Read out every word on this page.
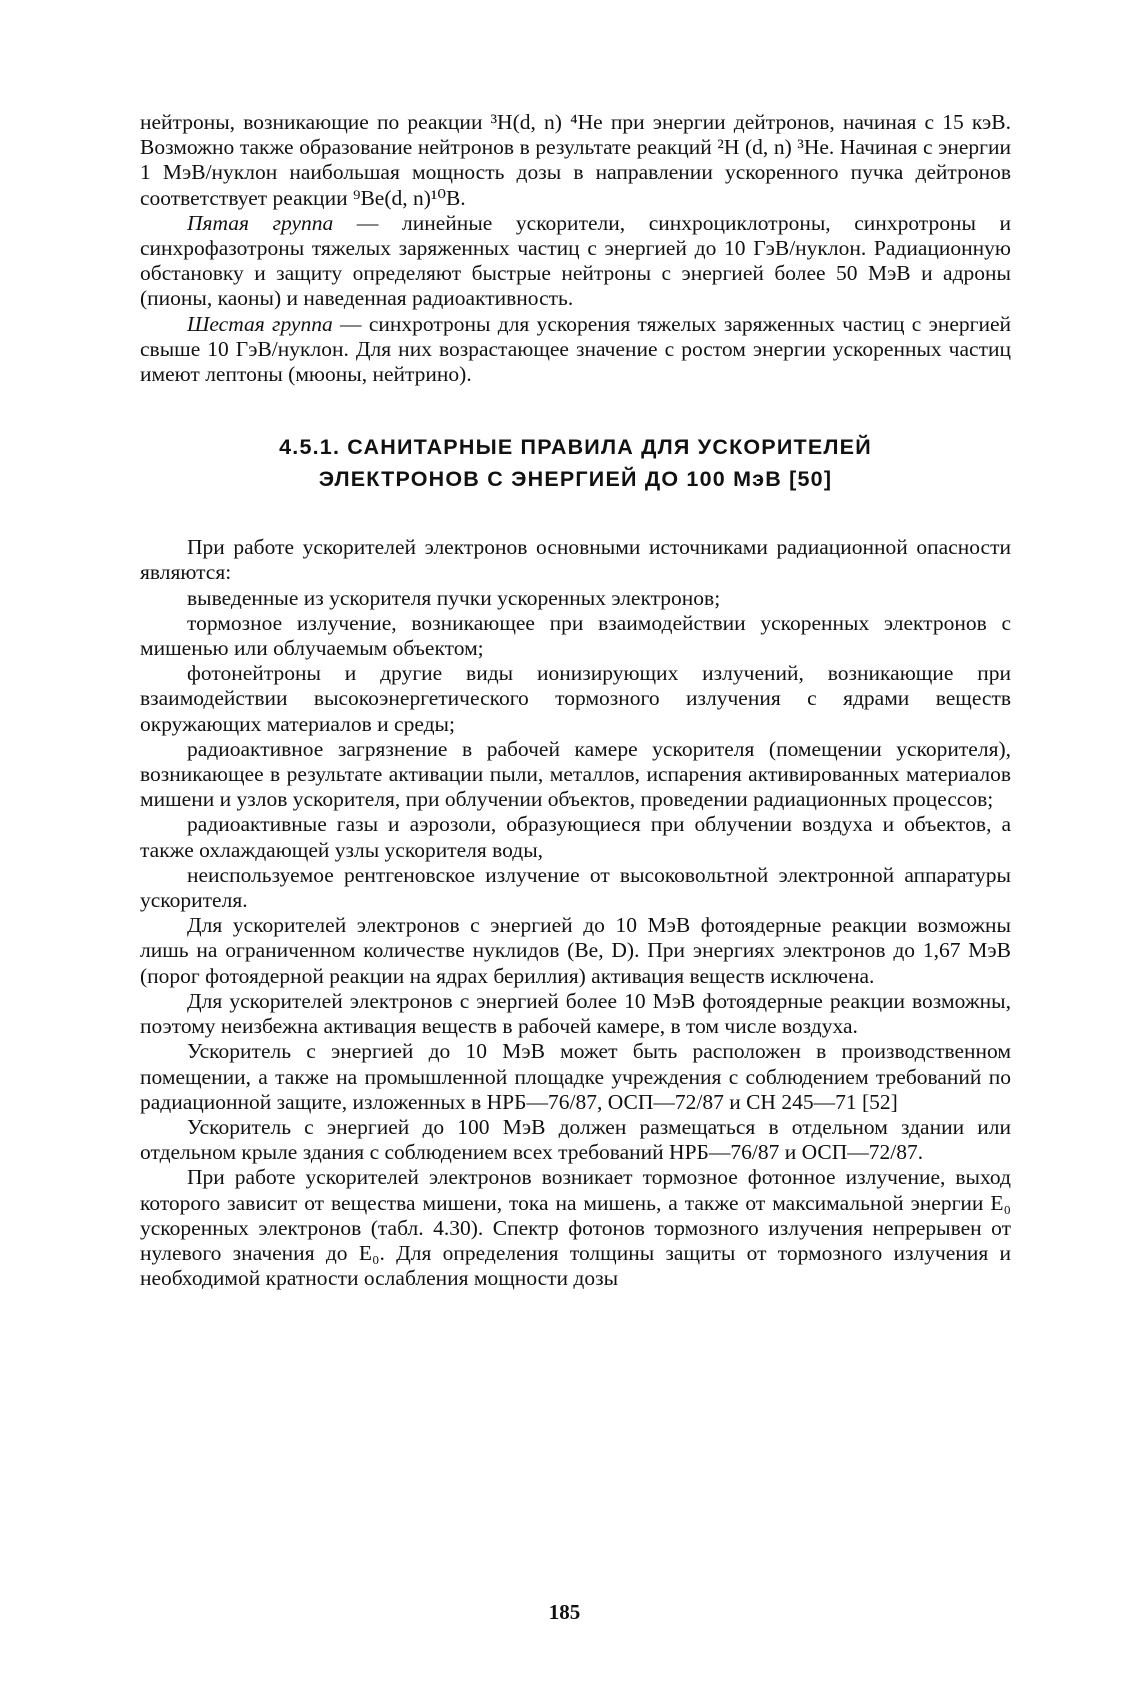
нейтроны, возникающие по реакции ³H(d, n) ⁴He при энергии дейтронов, начиная с 15 кэВ. Возможно также образование нейтронов в результате реакций ²H (d, n) ³He. Начиная с энергии 1 МэВ/нуклон наибольшая мощность дозы в направлении ускоренного пучка дейтронов соответствует реакции ⁹Be(d, n)¹⁰B.

Пятая группа — линейные ускорители, синхроциклотроны, синхротроны и синхрофазотроны тяжелых заряженных частиц с энергией до 10 ГэВ/нуклон. Радиационную обстановку и защиту определяют быстрые нейтроны с энергией более 50 МэВ и адроны (пионы, каоны) и наведенная радиоактивность.

Шестая группа — синхротроны для ускорения тяжелых заряженных частиц с энергией свыше 10 ГэВ/нуклон. Для них возрастающее значение с ростом энергии ускоренных частиц имеют лептоны (мюоны, нейтрино).

4.5.1. САНИТАРНЫЕ ПРАВИЛА ДЛЯ УСКОРИТЕЛЕЙ
ЭЛЕКТРОНОВ С ЭНЕРГИЕЙ ДО 100 МэВ [50]

При работе ускорителей электронов основными источниками радиационной опасности являются:

выведенные из ускорителя пучки ускоренных электронов;

тормозное излучение, возникающее при взаимодействии ускоренных электронов с мишенью или облучаемым объектом;

фотонейтроны и другие виды ионизирующих излучений, возникающие при взаимодействии высокоэнергетического тормозного излучения с ядрами веществ окружающих материалов и среды;

радиоактивное загрязнение в рабочей камере ускорителя (помещении ускорителя), возникающее в результате активации пыли, металлов, испарения активированных материалов мишени и узлов ускорителя, при облучении объектов, проведении радиационных процессов;

радиоактивные газы и аэрозоли, образующиеся при облучении воздуха и объектов, а также охлаждающей узлы ускорителя воды,

неиспользуемое рентгеновское излучение от высоковольтной электронной аппаратуры ускорителя.

Для ускорителей электронов с энергией до 10 МэВ фотоядерные реакции возможны лишь на ограниченном количестве нуклидов (Be, D). При энергиях электронов до 1,67 МэВ (порог фотоядерной реакции на ядрах бериллия) активация веществ исключена.

Для ускорителей электронов с энергией более 10 МэВ фотоядерные реакции возможны, поэтому неизбежна активация веществ в рабочей камере, в том числе воздуха.

Ускоритель с энергией до 10 МэВ может быть расположен в производственном помещении, а также на промышленной площадке учреждения с соблюдением требований по радиационной защите, изложенных в НРБ—76/87, ОСП—72/87 и СН 245—71 [52]

Ускоритель с энергией до 100 МэВ должен размещаться в отдельном здании или отдельном крыле здания с соблюдением всех требований НРБ—76/87 и ОСП—72/87.

При работе ускорителей электронов возникает тормозное фотонное излучение, выход которого зависит от вещества мишени, тока на мишень, а также от максимальной энергии E₀ ускоренных электронов (табл. 4.30). Спектр фотонов тормозного излучения непрерывен от нулевого значения до E₀. Для определения толщины защиты от тормозного излучения и необходимой кратности ослабления мощности дозы

185
